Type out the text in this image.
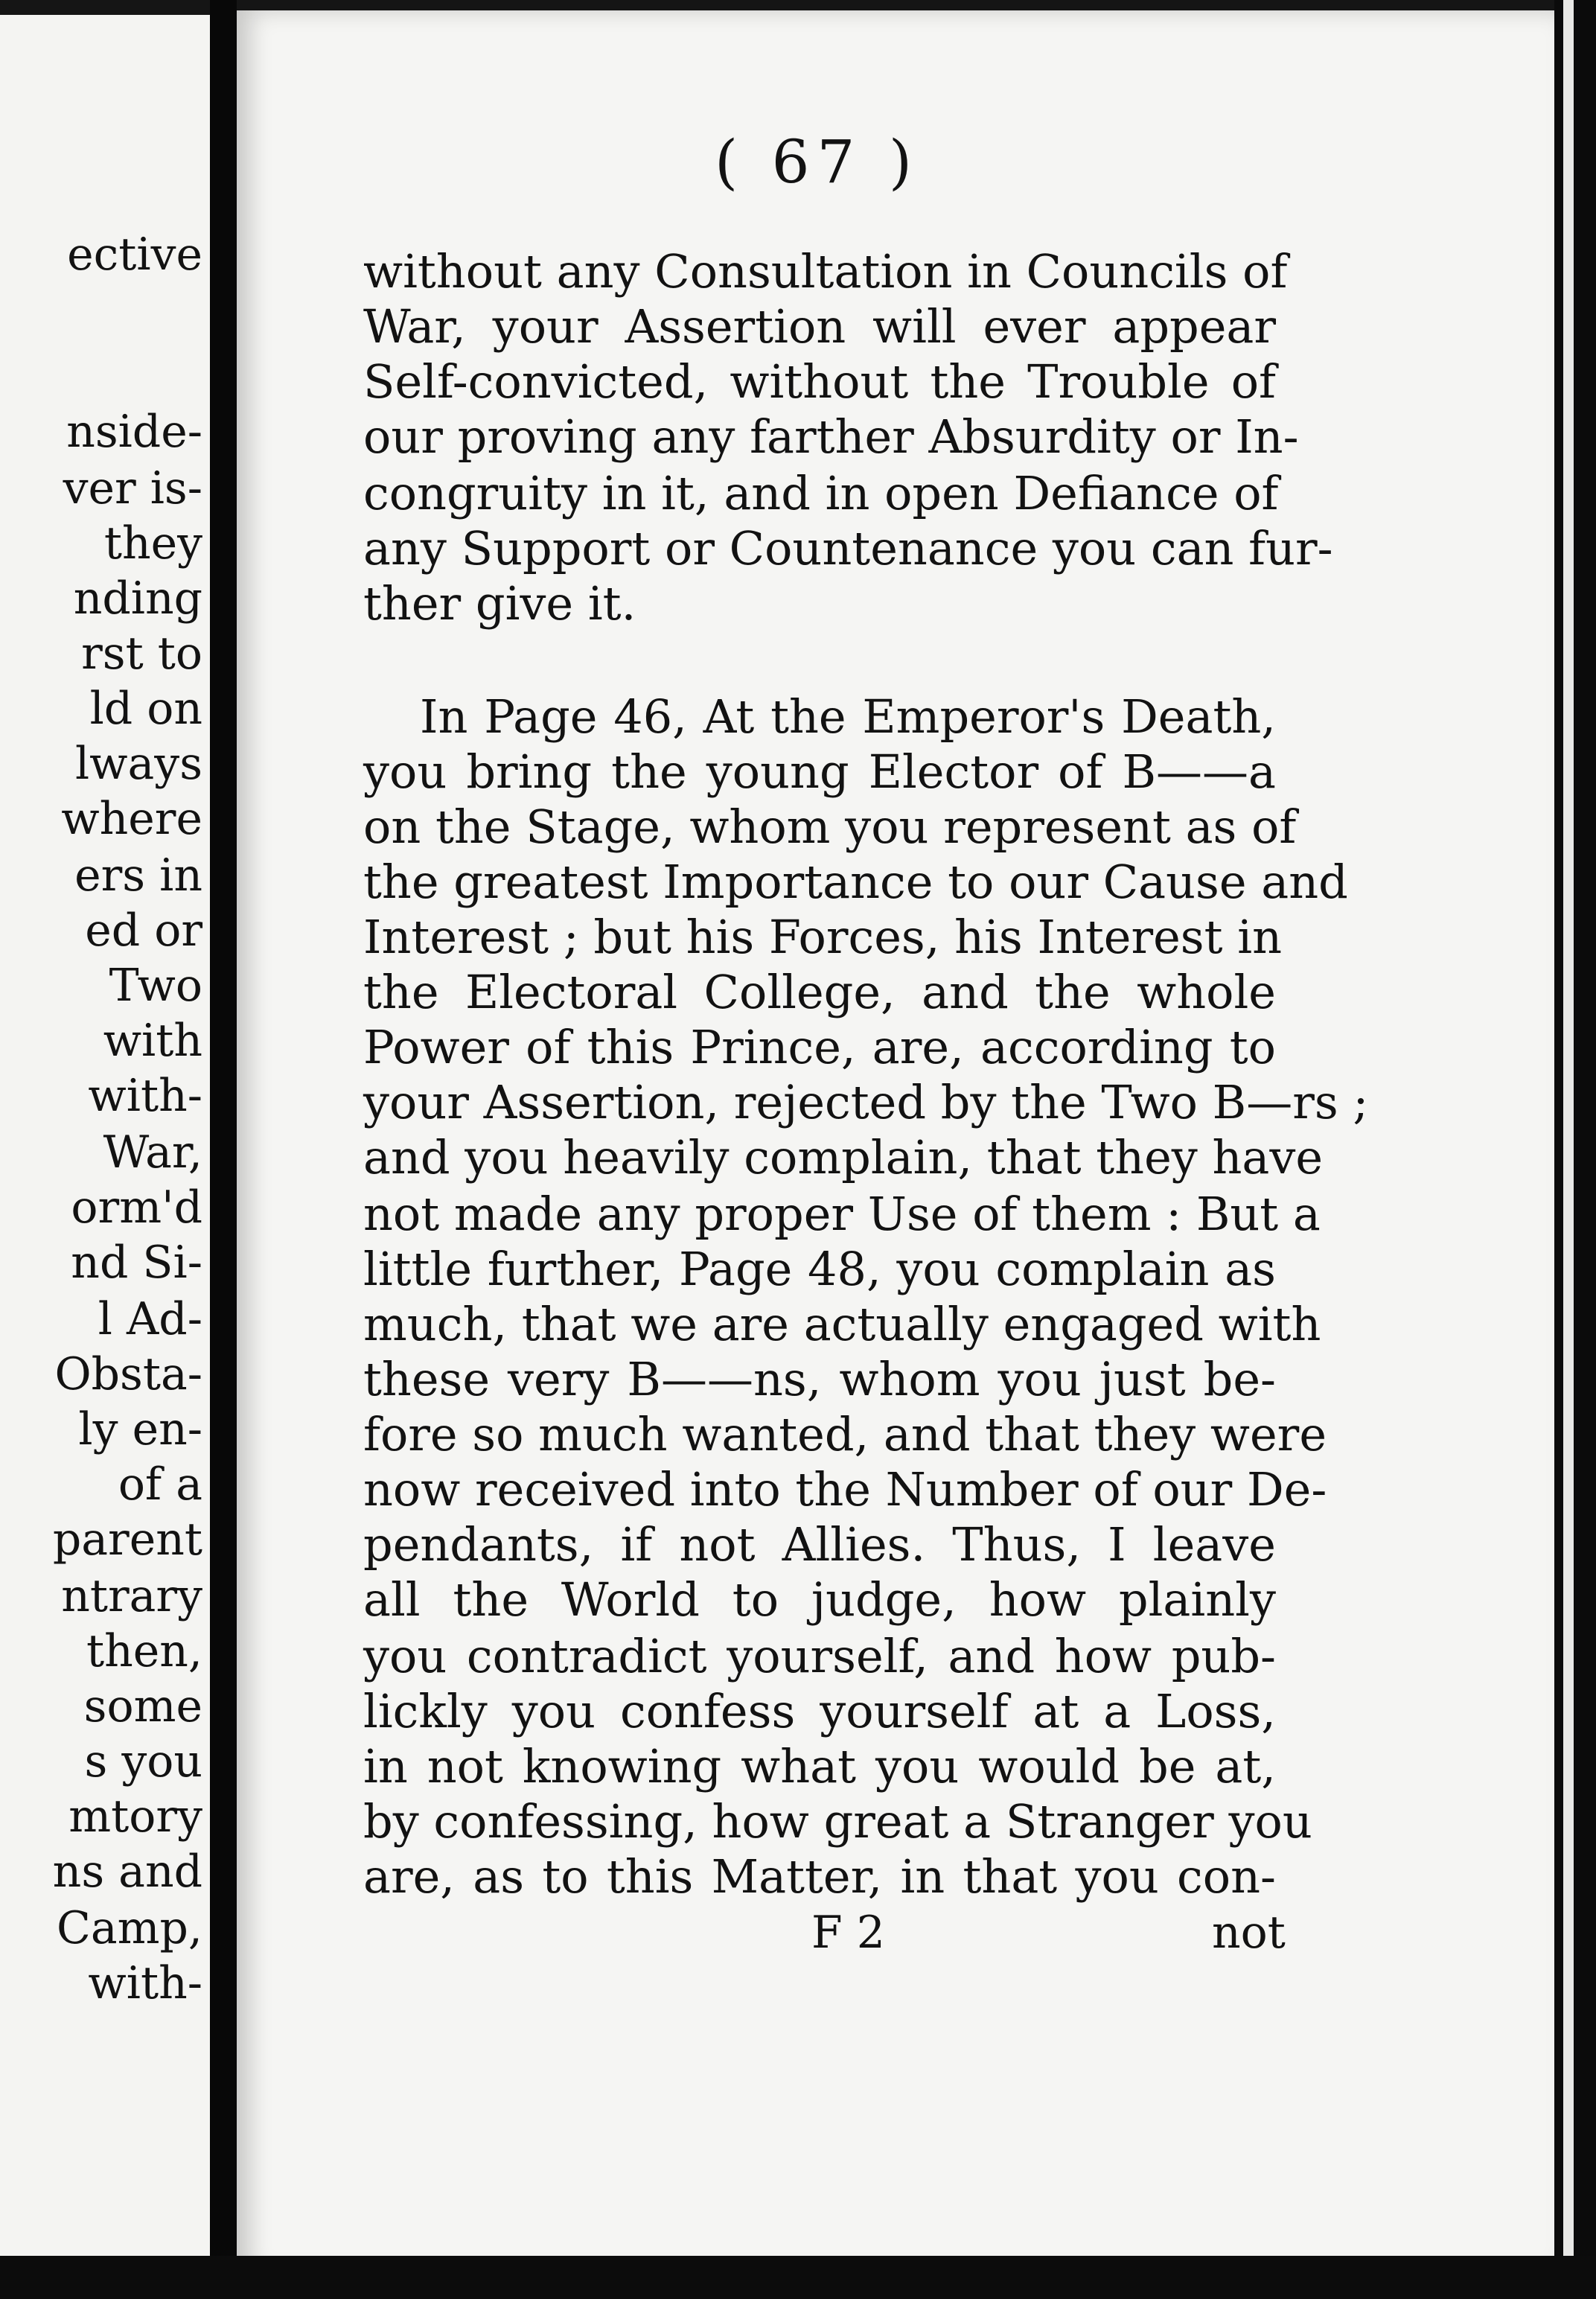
ective
nside-
ver is-
they
nding
rst to
ld on
lways
where
ers in
ed or
Two
with
with-
War,
orm'd
nd Si-
l Ad-
Obsta-
ly en-
of a
parent
ntrary
then,
some
s you
mtory
ns and
Camp,
with-
( 67 )
without any Consultation in Councils of
War, your Assertion will ever appear
Self-convicted, without the Trouble of
our proving any farther Absurdity or In-
congruity in it, and in open Defiance of
any Support or Countenance you can fur-
ther give it.
In Page 46, At the Emperor's Death,
you bring the young Elector of B——a
on the Stage, whom you represent as of
the greatest Importance to our Cause and
Interest ; but his Forces, his Interest in
the Electoral College, and the whole
Power of this Prince, are, according to
your Assertion, rejected by the Two B—rs ;
and you heavily complain, that they have
not made any proper Use of them : But a
little further, Page 48, you complain as
much, that we are actually engaged with
these very B——ns, whom you just be-
fore so much wanted, and that they were
now received into the Number of our De-
pendants, if not Allies. Thus, I leave
all the World to judge, how plainly
you contradict yourself, and how pub-
lickly you confess yourself at a Loss,
in not knowing what you would be at,
by confessing, how great a Stranger you
are, as to this Matter, in that you con-
F 2	not
